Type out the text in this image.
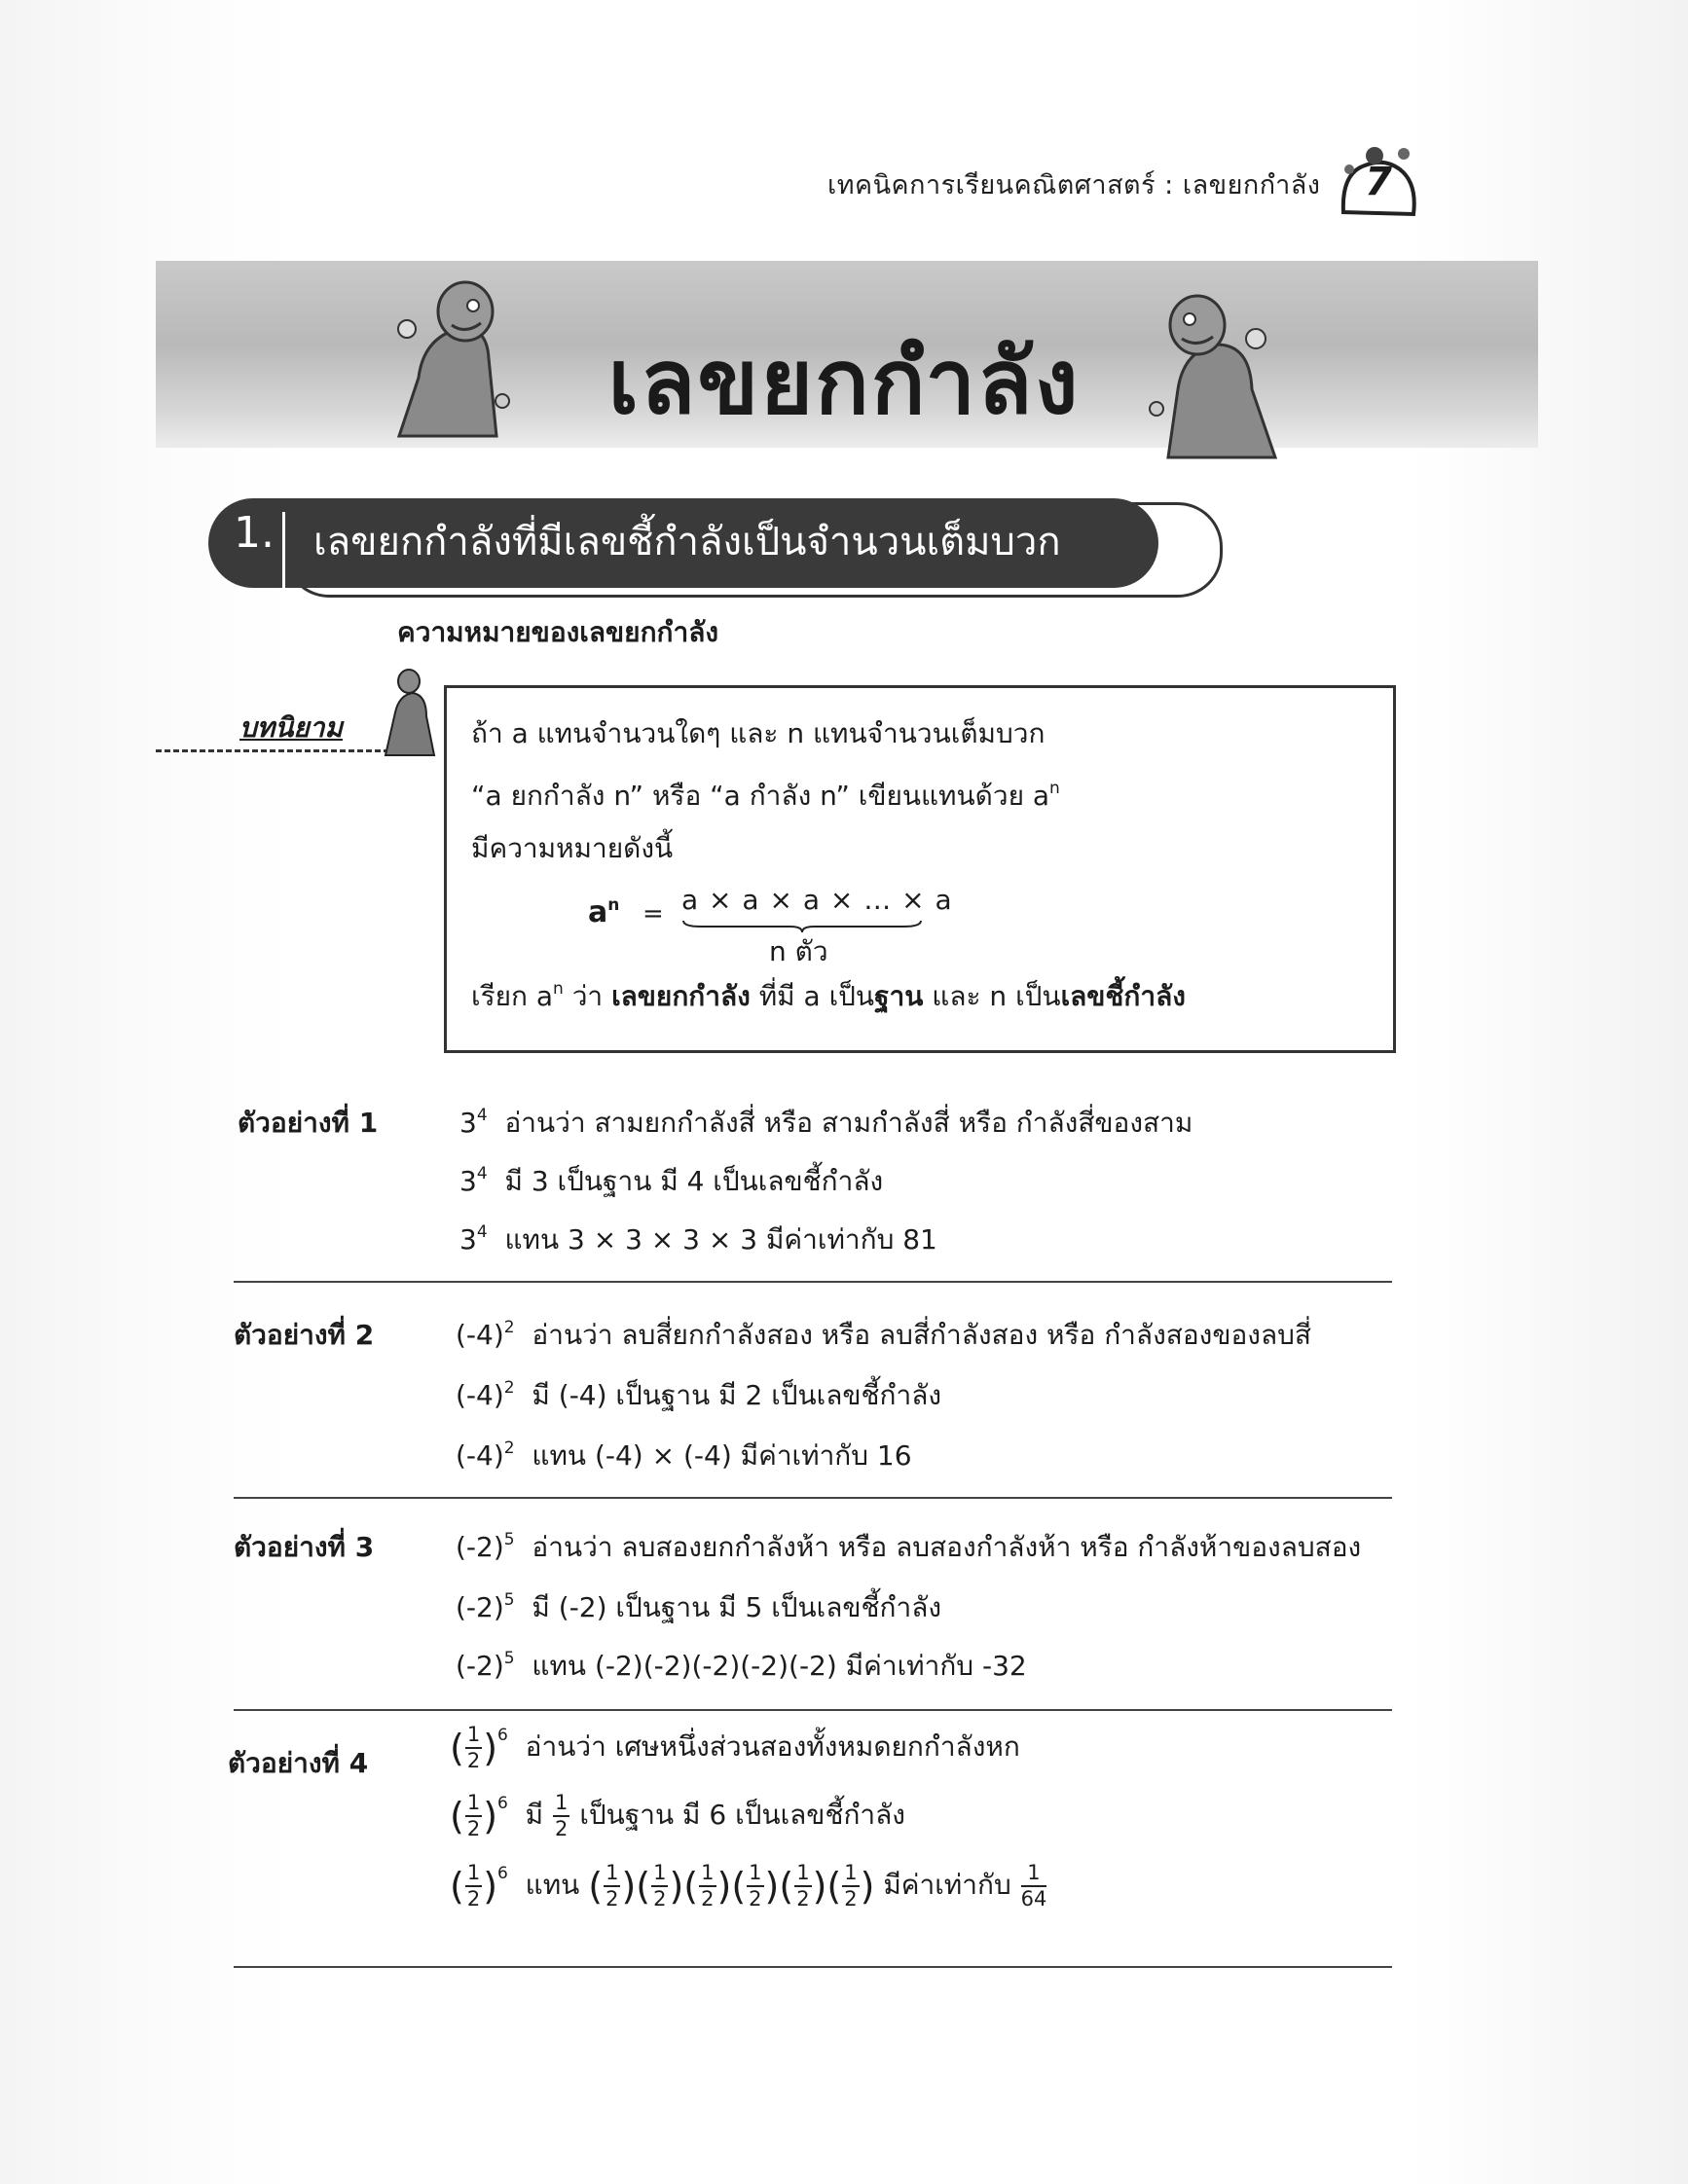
เทคนิคการเรียนคณิตศาสตร์ : เลขยกกำลัง	7
เลขยกกำลัง
1. เลขยกกำลังที่มีเลขชี้กำลังเป็นจำนวนเต็มบวก
ความหมายของเลขยกกำลัง
บทนิยาม	ถ้า a แทนจำนวนใดๆ และ n แทนจำนวนเต็มบวก
“a ยกกำลัง n” หรือ “a กำลัง n” เขียนแทนด้วย $a^n$
มีความหมายดังนี้
$a^n = a \times a \times a$ × … × a
n ตัว
เรียก $a^n$ ว่า เลขยกกำลัง ที่มี a เป็นฐาน และ n เป็นเลขชี้กำลัง
ตัวอย่างที่ 1	$3^4$ อ่านว่า สามยกกำลังสี่ หรือ สามกำลังสี่ หรือ กำลังสี่ของสาม
$3^4$ มี 3 เป็นฐาน มี 4 เป็นเลขชี้กำลัง
$3^4$ แทน 3 × 3 × 3 × 3 มีค่าเท่ากับ 81
ตัวอย่างที่ 2	$(-4)^2$ อ่านว่า ลบสี่ยกกำลังสอง หรือ ลบสี่กำลังสอง หรือ กำลังสองของลบสี่
$(-4)^2$ มี (-4) เป็นฐาน มี 2 เป็นเลขชี้กำลัง
$(-4)^2$ แทน (-4) × (-4) มีค่าเท่ากับ 16
ตัวอย่างที่ 3	$(-2)^5$ อ่านว่า ลบสองยกกำลังห้า หรือ ลบสองกำลังห้า หรือ กำลังห้าของลบสอง
$(-2)^5$ มี (-2) เป็นฐาน มี 5 เป็นเลขชี้กำลัง
$(-2)^5$ แทน (-2)(-2)(-2)(-2)(-2) มีค่าเท่ากับ -32
ตัวอย่างที่ 4 ( $\frac{1}{2} )^6$ อ่านว่า เศษหนึ่งส่วนสองทั้งหมดยกกำลังหก
( $\frac{1}{2} )^6$ มี $\frac{1}{2}$ เป็นฐาน มี 6 เป็นเลขชี้กำลัง
( $\frac{1}{2} )^6$ แทน ( $\frac{1}{2}$ )( $\frac{1}{2}$ )( $\frac{1}{2}$ )( $\frac{1}{2}$ )( $\frac{1}{2}$ )( $\frac{1}{2}$ ) มีค่าเท่ากับ $\frac{1}{64}$
